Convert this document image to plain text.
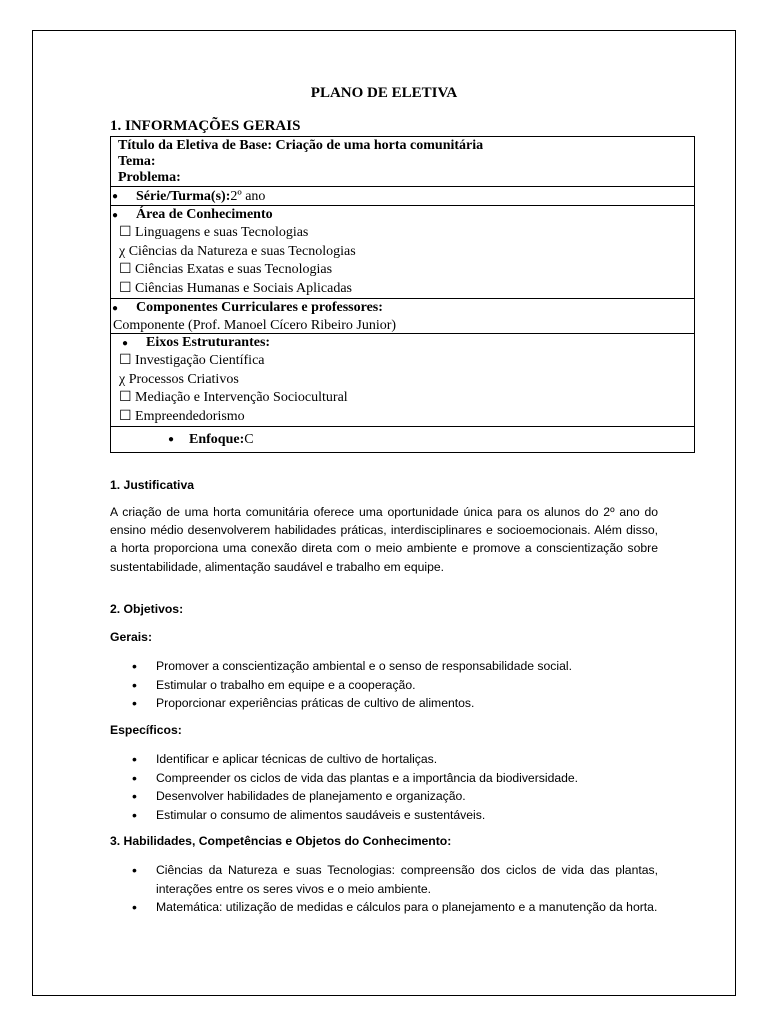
PLANO DE ELETIVA
1. INFORMAÇÕES GERAIS
Título da Eletiva de Base: Criação de uma horta comunitária
Tema:
Problema:
●	Série/Turma(s): 2º ano
●	Área de Conhecimento
☐ Linguagens e suas Tecnologias
χ Ciências da Natureza e suas Tecnologias
☐ Ciências Exatas e suas Tecnologias
☐ Ciências Humanas e Sociais Aplicadas
●	Componentes Curriculares e professores:
Componente (Prof. Manoel Cícero Ribeiro Junior)
●	Eixos Estruturantes:
☐ Investigação Científica
χ Processos Criativos
☐ Mediação e Intervenção Sociocultural
☐ Empreendedorismo
●	Enfoque: C
1. Justificativa
A criação de uma horta comunitária oferece uma oportunidade única para os alunos do 2º ano do ensino médio desenvolverem habilidades práticas, interdisciplinares e socioemocionais. Além disso, a horta proporciona uma conexão direta com o meio ambiente e promove a conscientização sobre sustentabilidade, alimentação saudável e trabalho em equipe.
2. Objetivos:
Gerais:
• Promover a conscientização ambiental e o senso de responsabilidade social.
• Estimular o trabalho em equipe e a cooperação.
• Proporcionar experiências práticas de cultivo de alimentos.
Específicos:
• Identificar e aplicar técnicas de cultivo de hortaliças.
• Compreender os ciclos de vida das plantas e a importância da biodiversidade.
• Desenvolver habilidades de planejamento e organização.
• Estimular o consumo de alimentos saudáveis e sustentáveis.
3. Habilidades, Competências e Objetos do Conhecimento:
• Ciências da Natureza e suas Tecnologias: compreensão dos ciclos de vida das plantas, interações entre os seres vivos e o meio ambiente.
• Matemática: utilização de medidas e cálculos para o planejamento e a manutenção da horta.
